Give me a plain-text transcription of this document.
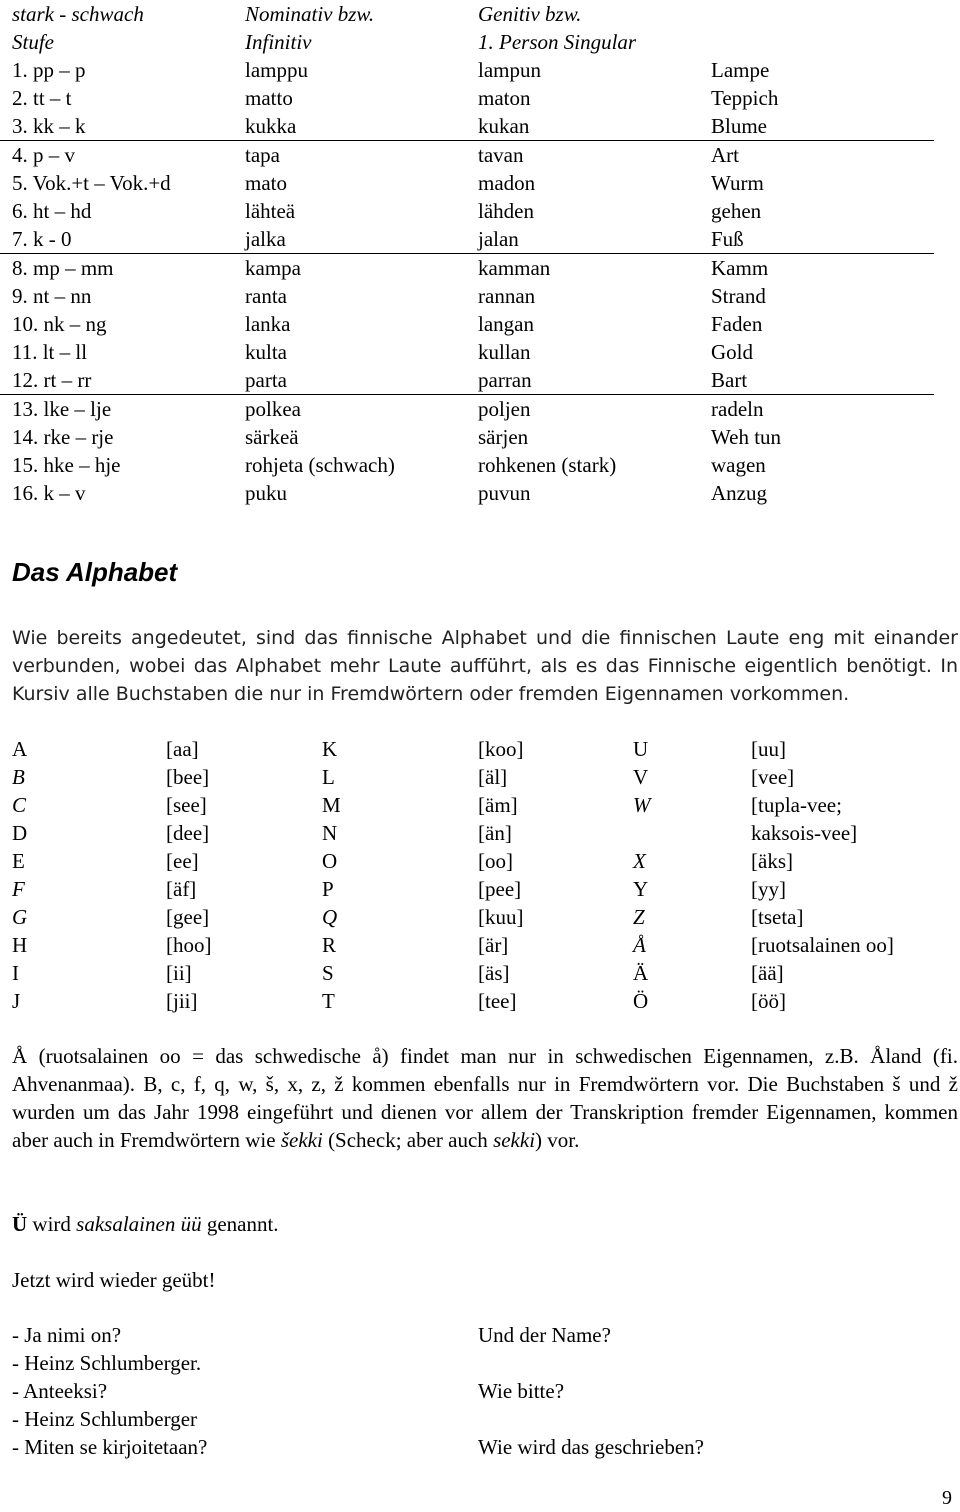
stark - schwach	Nominativ bzw.	Genitiv bzw.
Stufe	Infinitiv	1. Person Singular
1. pp – p	lamppu	lampun	Lampe
2. tt – t	matto	maton	Teppich
3. kk – k	kukka	kukan	Blume
4. p – v	tapa	tavan	Art
5. Vok.+t – Vok.+d	mato	madon	Wurm
6. ht – hd	lähteä	lähden	gehen
7. k - 0	jalka	jalan	Fuß
8. mp – mm	kampa	kamman	Kamm
9. nt – nn	ranta	rannan	Strand
10. nk – ng	lanka	langan	Faden
11. lt – ll	kulta	kullan	Gold
12. rt – rr	parta	parran	Bart
13. lke – lje	polkea	poljen	radeln
14. rke – rje	särkeä	särjen	Weh tun
15. hke – hje	rohjeta (schwach)	rohkenen (stark)	wagen
16. k – v	puku	puvun	Anzug
Das Alphabet

Wie bereits angedeutet, sind das finnische Alphabet und die finnischen Laute eng mit einander verbunden, wobei das Alphabet mehr Laute aufführt, als es das Finnische eigentlich benötigt. In Kursiv alle Buchstaben die nur in Fremdwörtern oder fremden Eigennamen vorkommen.

A	[aa]	K	[koo]	U	[uu]
B	[bee]	L	[äl]	V	[vee]
C	[see]	M	[äm]	W	[tupla-vee;
D	[dee]	N	[än]	kaksois-vee]
E	[ee]	O	[oo]	X	[äks]
F	[äf]	P	[pee]	Y	[yy]
G	[gee]	Q	[kuu]	Z	[tseta]
H	[hoo]	R	[är]	Å	[ruotsalainen oo]
I	[ii]	S	[äs]	Ä	[ää]
J	[jii]	T	[tee]	Ö	[öö]

Å (ruotsalainen oo = das schwedische å) findet man nur in schwedischen Eigennamen, z.B. Åland (fi. Ahvenanmaa). B, c, f, q, w, š, x, z, ž kommen ebenfalls nur in Fremdwörtern vor. Die Buchstaben š und ž wurden um das Jahr 1998 eingeführt und dienen vor allem der Transkription fremder Eigennamen, kommen aber auch in Fremdwörtern wie šekki (Scheck; aber auch sekki) vor.

Ü wird saksalainen üü genannt.

Jetzt wird wieder geübt!

- Ja nimi on?	Und der Name?
- Heinz Schlumberger.
- Anteeksi?	Wie bitte?
- Heinz Schlumberger
- Miten se kirjoitetaan?	Wie wird das geschrieben?
9
